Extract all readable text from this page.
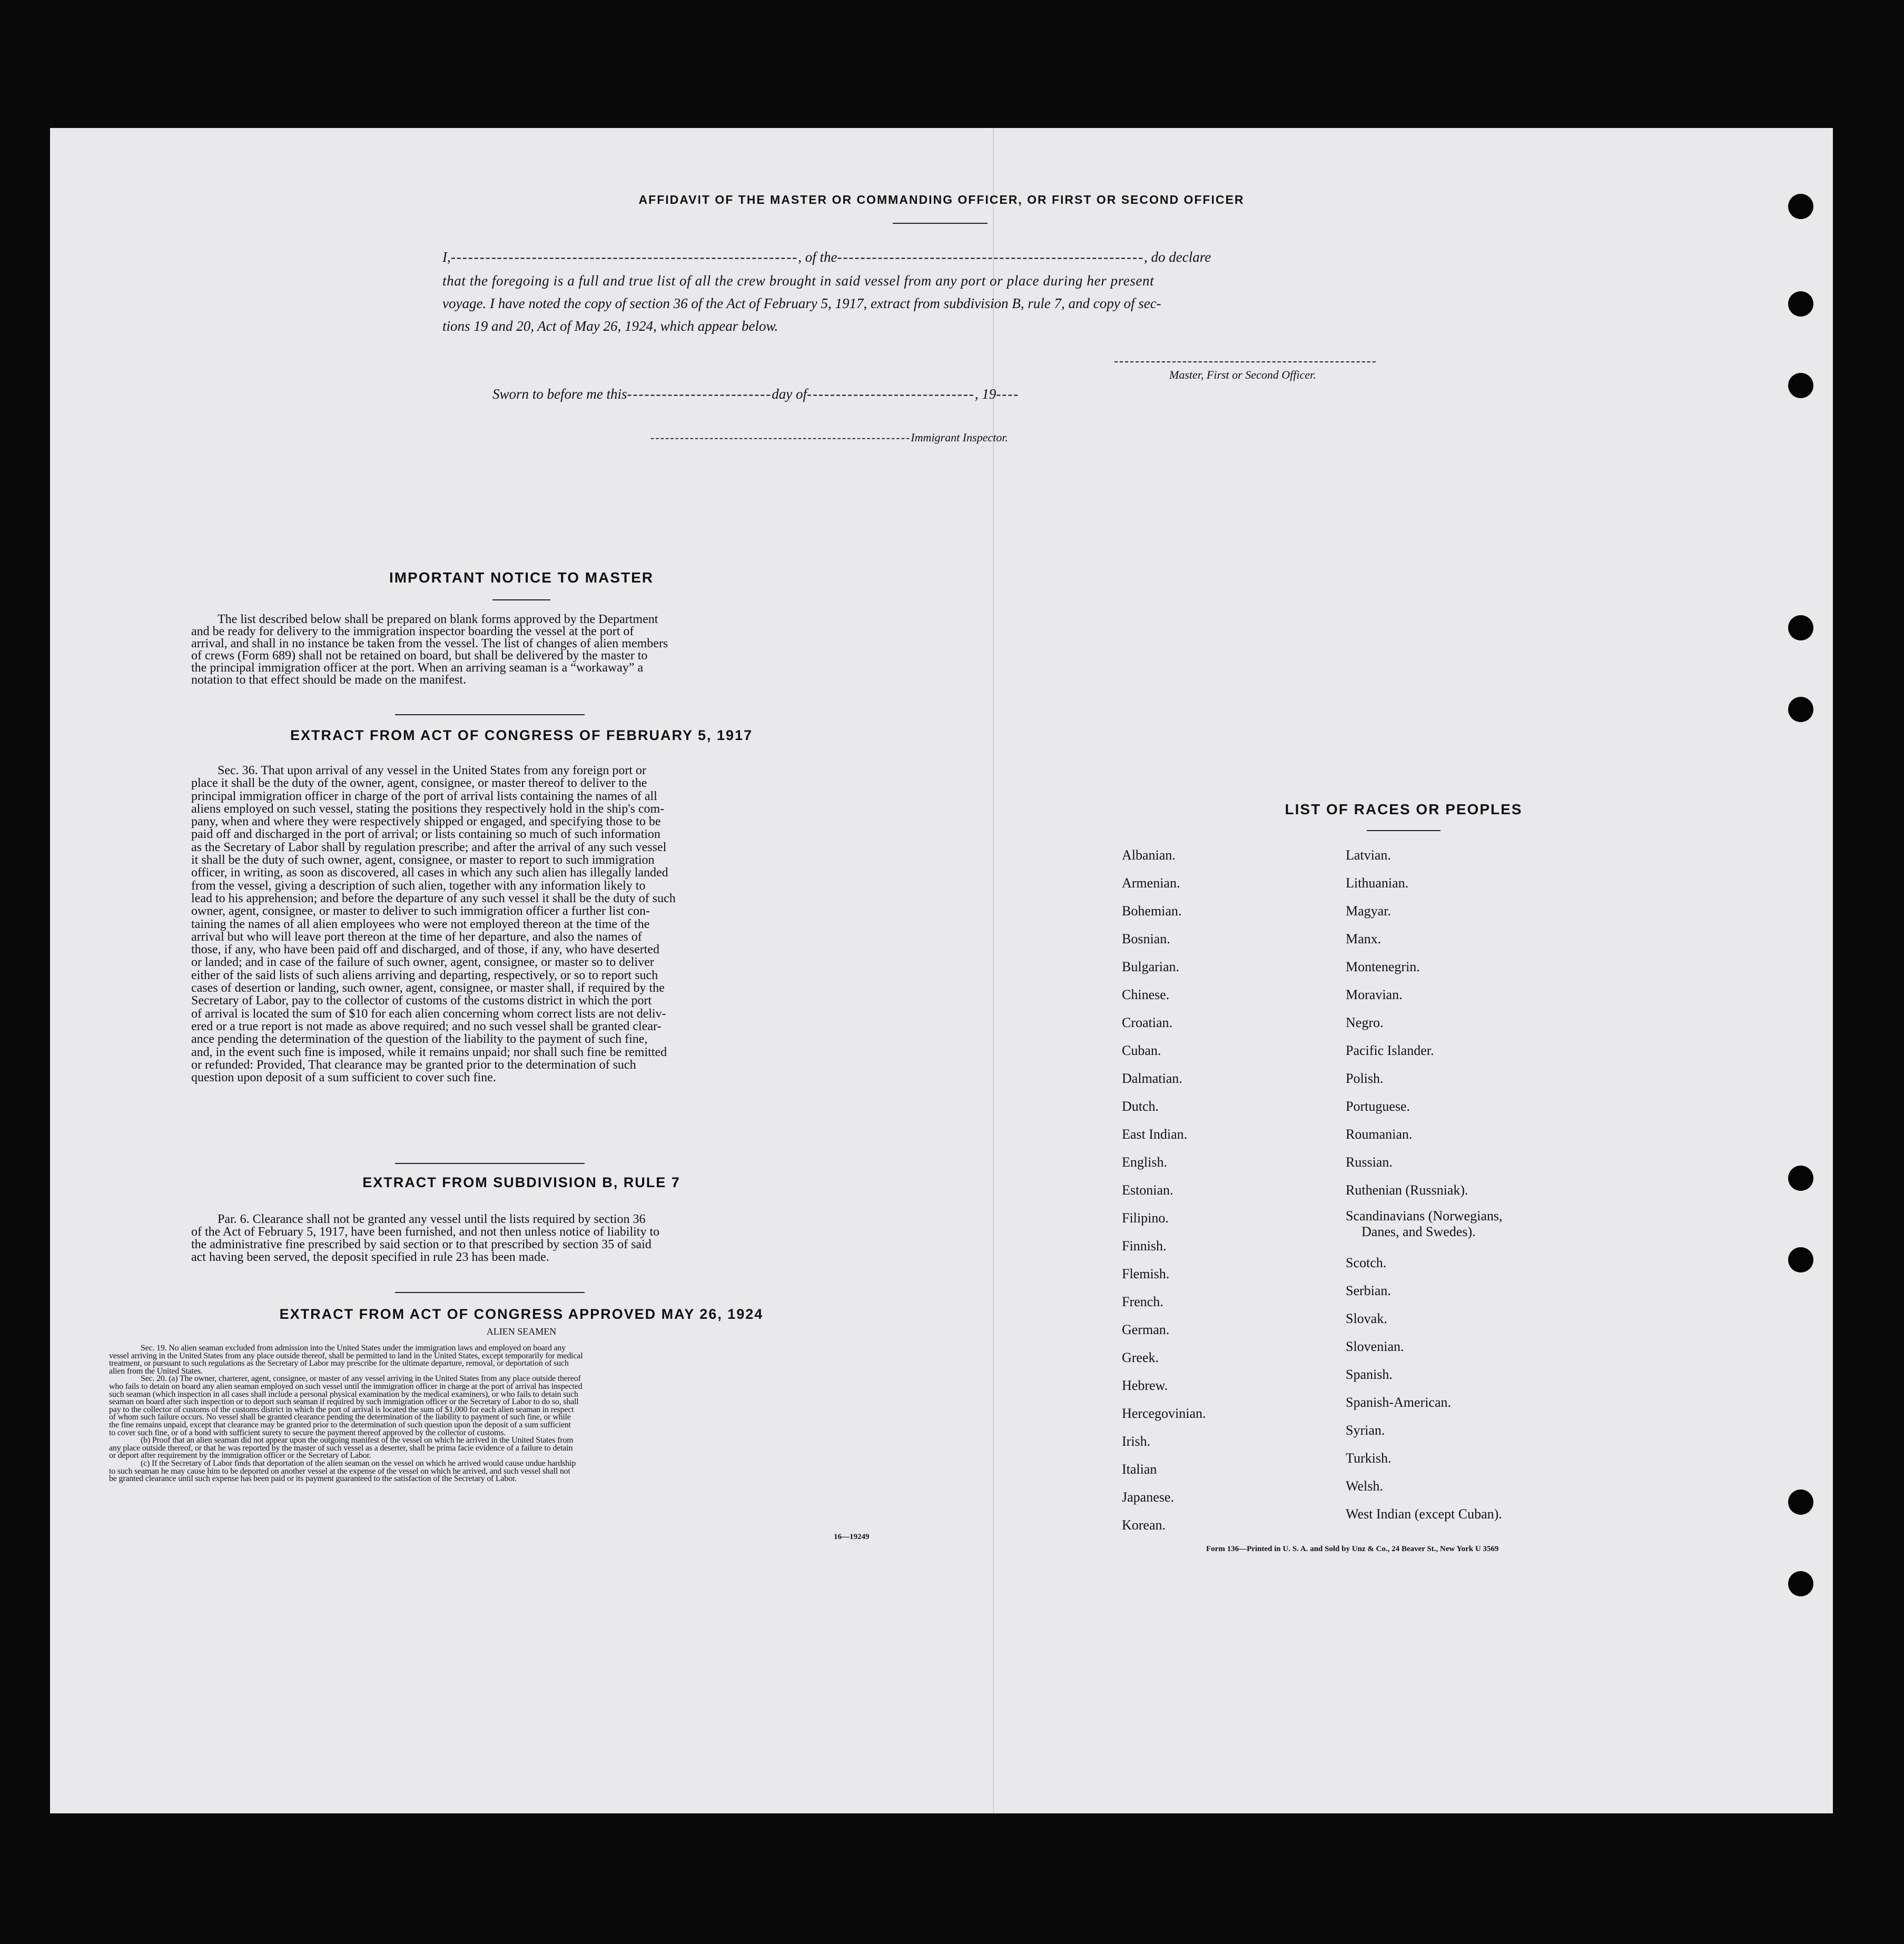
AFFIDAVIT OF THE MASTER OR COMMANDING OFFICER, OR FIRST OR SECOND OFFICER
I,------------------------------------------------------------, of the-----------------------------------------------------, do declare
that the foregoing is a full and true list of all the crew brought in said vessel from any port or place during her present
voyage. I have noted the copy of section 36 of the Act of February 5, 1917, extract from subdivision B, rule 7, and copy of sec-
tions 19 and 20, Act of May 26, 1924, which appear below.
--------------------------------------------------
Master, First or Second Officer.
Sworn to before me this-------------------------day of-----------------------------, 19----
-----------------------------------------------------Immigrant Inspector.
IMPORTANT NOTICE TO MASTER
The list described below shall be prepared on blank forms approved by the Department
and be ready for delivery to the immigration inspector boarding the vessel at the port of
arrival, and shall in no instance be taken from the vessel. The list of changes of alien members
of crews (Form 689) shall not be retained on board, but shall be delivered by the master to
the principal immigration officer at the port. When an arriving seaman is a “workaway” a
notation to that effect should be made on the manifest.
EXTRACT FROM ACT OF CONGRESS OF FEBRUARY 5, 1917
Sec. 36. That upon arrival of any vessel in the United States from any foreign port or
place it shall be the duty of the owner, agent, consignee, or master thereof to deliver to the
principal immigration officer in charge of the port of arrival lists containing the names of all
aliens employed on such vessel, stating the positions they respectively hold in the ship's com-
pany, when and where they were respectively shipped or engaged, and specifying those to be
paid off and discharged in the port of arrival; or lists containing so much of such information
as the Secretary of Labor shall by regulation prescribe; and after the arrival of any such vessel
it shall be the duty of such owner, agent, consignee, or master to report to such immigration
officer, in writing, as soon as discovered, all cases in which any such alien has illegally landed
from the vessel, giving a description of such alien, together with any information likely to
lead to his apprehension; and before the departure of any such vessel it shall be the duty of such
owner, agent, consignee, or master to deliver to such immigration officer a further list con-
taining the names of all alien employees who were not employed thereon at the time of the
arrival but who will leave port thereon at the time of her departure, and also the names of
those, if any, who have been paid off and discharged, and of those, if any, who have deserted
or landed; and in case of the failure of such owner, agent, consignee, or master so to deliver
either of the said lists of such aliens arriving and departing, respectively, or so to report such
cases of desertion or landing, such owner, agent, consignee, or master shall, if required by the
Secretary of Labor, pay to the collector of customs of the customs district in which the port
of arrival is located the sum of $10 for each alien concerning whom correct lists are not deliv-
ered or a true report is not made as above required; and no such vessel shall be granted clear-
ance pending the determination of the question of the liability to the payment of such fine,
and, in the event such fine is imposed, while it remains unpaid; nor shall such fine be remitted
or refunded: Provided, That clearance may be granted prior to the determination of such
question upon deposit of a sum sufficient to cover such fine.
EXTRACT FROM SUBDIVISION B, RULE 7
Par. 6. Clearance shall not be granted any vessel until the lists required by section 36
of the Act of February 5, 1917, have been furnished, and not then unless notice of liability to
the administrative fine prescribed by said section or to that prescribed by section 35 of said
act having been served, the deposit specified in rule 23 has been made.
EXTRACT FROM ACT OF CONGRESS APPROVED MAY 26, 1924
ALIEN SEAMEN
Sec. 19. No alien seaman excluded from admission into the United States under the immigration laws and employed on board any
vessel arriving in the United States from any place outside thereof, shall be permitted to land in the United States, except temporarily for medical
treatment, or pursuant to such regulations as the Secretary of Labor may prescribe for the ultimate departure, removal, or deportation of such
alien from the United States.
Sec. 20. (a) The owner, charterer, agent, consignee, or master of any vessel arriving in the United States from any place outside thereof
who fails to detain on board any alien seaman employed on such vessel until the immigration officer in charge at the port of arrival has inspected
such seaman (which inspection in all cases shall include a personal physical examination by the medical examiners), or who fails to detain such
seaman on board after such inspection or to deport such seaman if required by such immigration officer or the Secretary of Labor to do so, shall
pay to the collector of customs of the customs district in which the port of arrival is located the sum of $1,000 for each alien seaman in respect
of whom such failure occurs. No vessel shall be granted clearance pending the determination of the liability to payment of such fine, or while
the fine remains unpaid, except that clearance may be granted prior to the determination of such question upon the deposit of a sum sufficient
to cover such fine, or of a bond with sufficient surety to secure the payment thereof approved by the collector of customs.
(b) Proof that an alien seaman did not appear upon the outgoing manifest of the vessel on which he arrived in the United States from
any place outside thereof, or that he was reported by the master of such vessel as a deserter, shall be prima facie evidence of a failure to detain
or deport after requirement by the immigration officer or the Secretary of Labor.
(c) If the Secretary of Labor finds that deportation of the alien seaman on the vessel on which he arrived would cause undue hardship
to such seaman he may cause him to be deported on another vessel at the expense of the vessel on which he arrived, and such vessel shall not
be granted clearance until such expense has been paid or its payment guaranteed to the satisfaction of the Secretary of Labor.
16—19249
LIST OF RACES OR PEOPLES
Albanian.
Armenian.
Bohemian.
Bosnian.
Bulgarian.
Chinese.
Croatian.
Cuban.
Dalmatian.
Dutch.
East Indian.
English.
Estonian.
Filipino.
Finnish.
Flemish.
French.
German.
Greek.
Hebrew.
Hercegovinian.
Irish.
Italian
Japanese.
Korean.
Latvian.
Lithuanian.
Magyar.
Manx.
Montenegrin.
Moravian.
Negro.
Pacific Islander.
Polish.
Portuguese.
Roumanian.
Russian.
Ruthenian (Russniak).
Scandinavians (Norwegians,
Danes, and Swedes).
Scotch.
Serbian.
Slovak.
Slovenian.
Spanish.
Spanish-American.
Syrian.
Turkish.
Welsh.
West Indian (except Cuban).
Form 136—Printed in U. S. A. and Sold by Unz & Co., 24 Beaver St., New York U 3569
